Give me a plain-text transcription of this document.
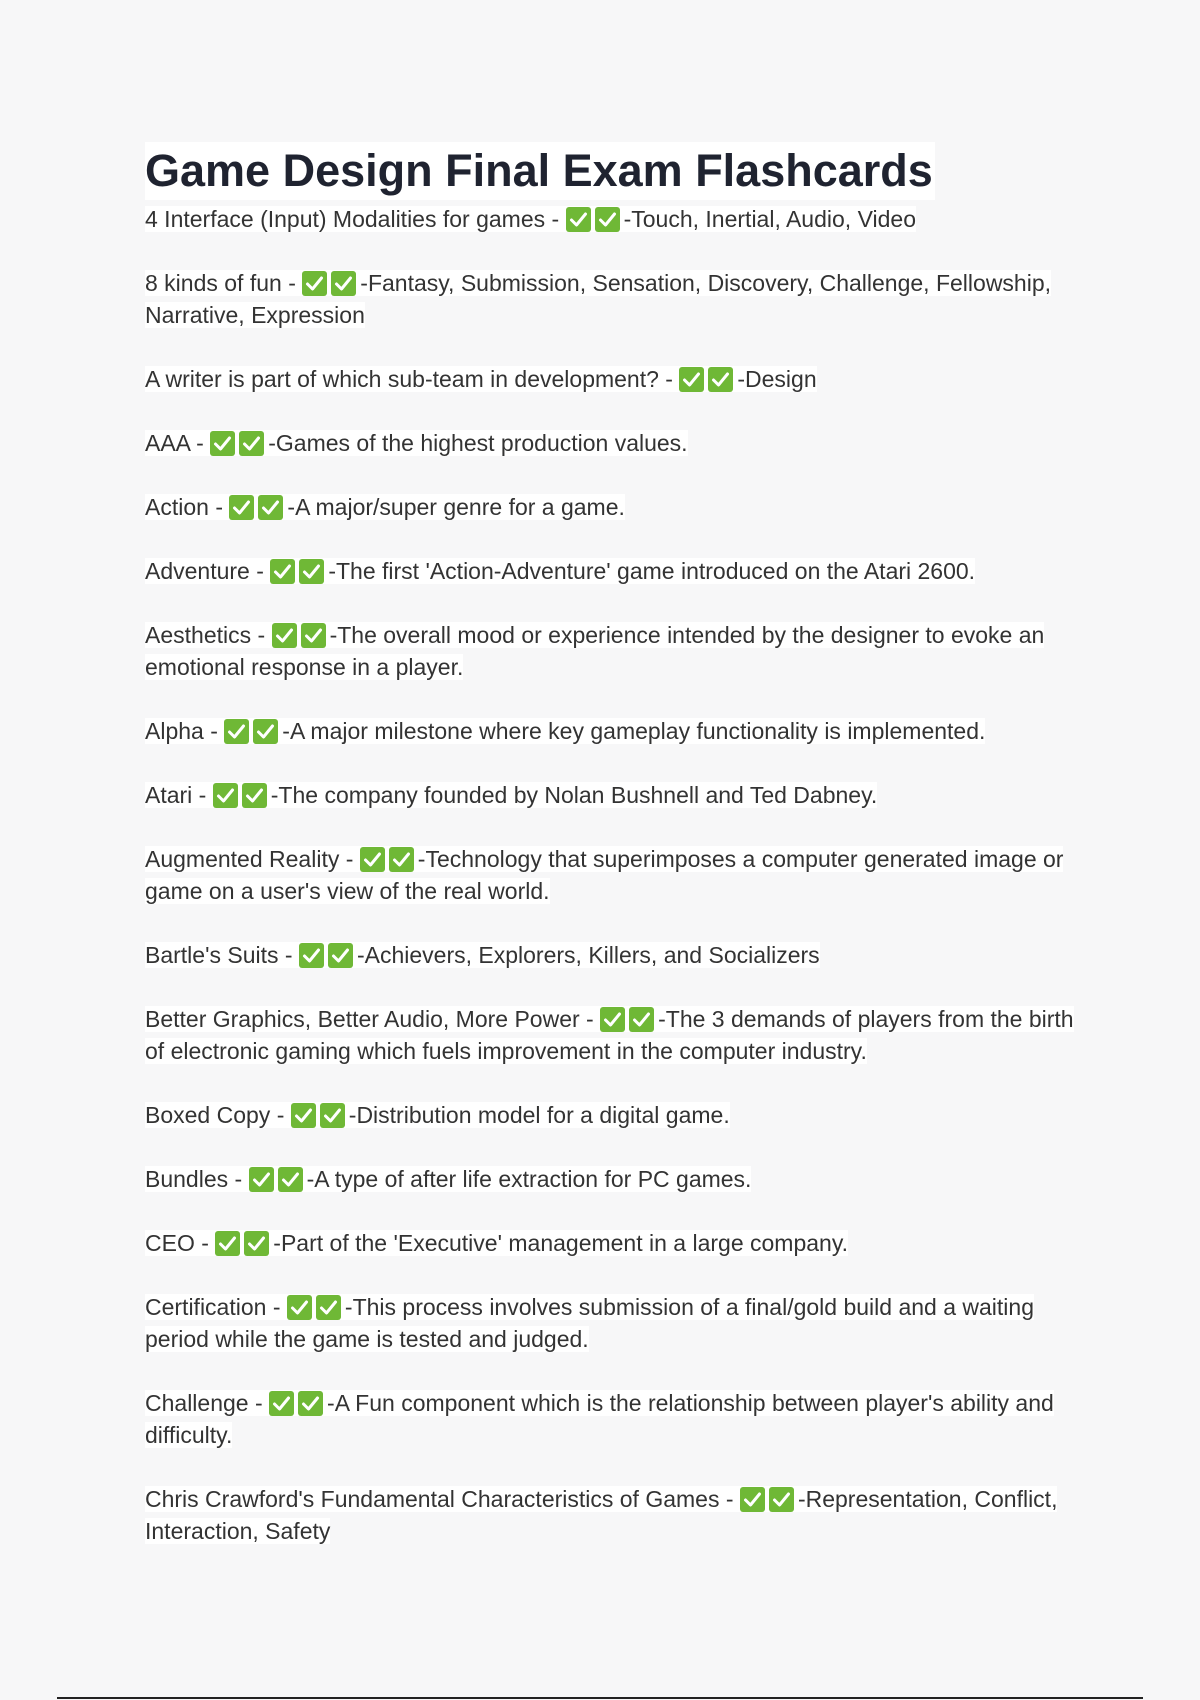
Game Design Final Exam Flashcards
4 Interface (Input) Modalities for games -	-Touch, Inertial, Audio, Video
8 kinds of fun -	-Fantasy, Submission, Sensation, Discovery, Challenge, Fellowship, Narrative, Expression
A writer is part of which sub-team in development? -	-Design
AAA -	-Games of the highest production values.
Action -	-A major/super genre for a game.
Adventure -	-The first 'Action-Adventure' game introduced on the Atari 2600.
Aesthetics -	-The overall mood or experience intended by the designer to evoke an emotional response in a player.
Alpha -	-A major milestone where key gameplay functionality is implemented.
Atari -	-The company founded by Nolan Bushnell and Ted Dabney.
Augmented Reality -	-Technology that superimposes a computer generated image or game on a user's view of the real world.
Bartle's Suits -	-Achievers, Explorers, Killers, and Socializers
Better Graphics, Better Audio, More Power -	-The 3 demands of players from the birth of electronic gaming which fuels improvement in the computer industry.
Boxed Copy -	-Distribution model for a digital game.
Bundles -	-A type of after life extraction for PC games.
CEO -	-Part of the 'Executive' management in a large company.
Certification -	-This process involves submission of a final/gold build and a waiting period while the game is tested and judged.
Challenge -	-A Fun component which is the relationship between player's ability and difficulty.
Chris Crawford's Fundamental Characteristics of Games -	-Representation, Conflict, Interaction, Safety
